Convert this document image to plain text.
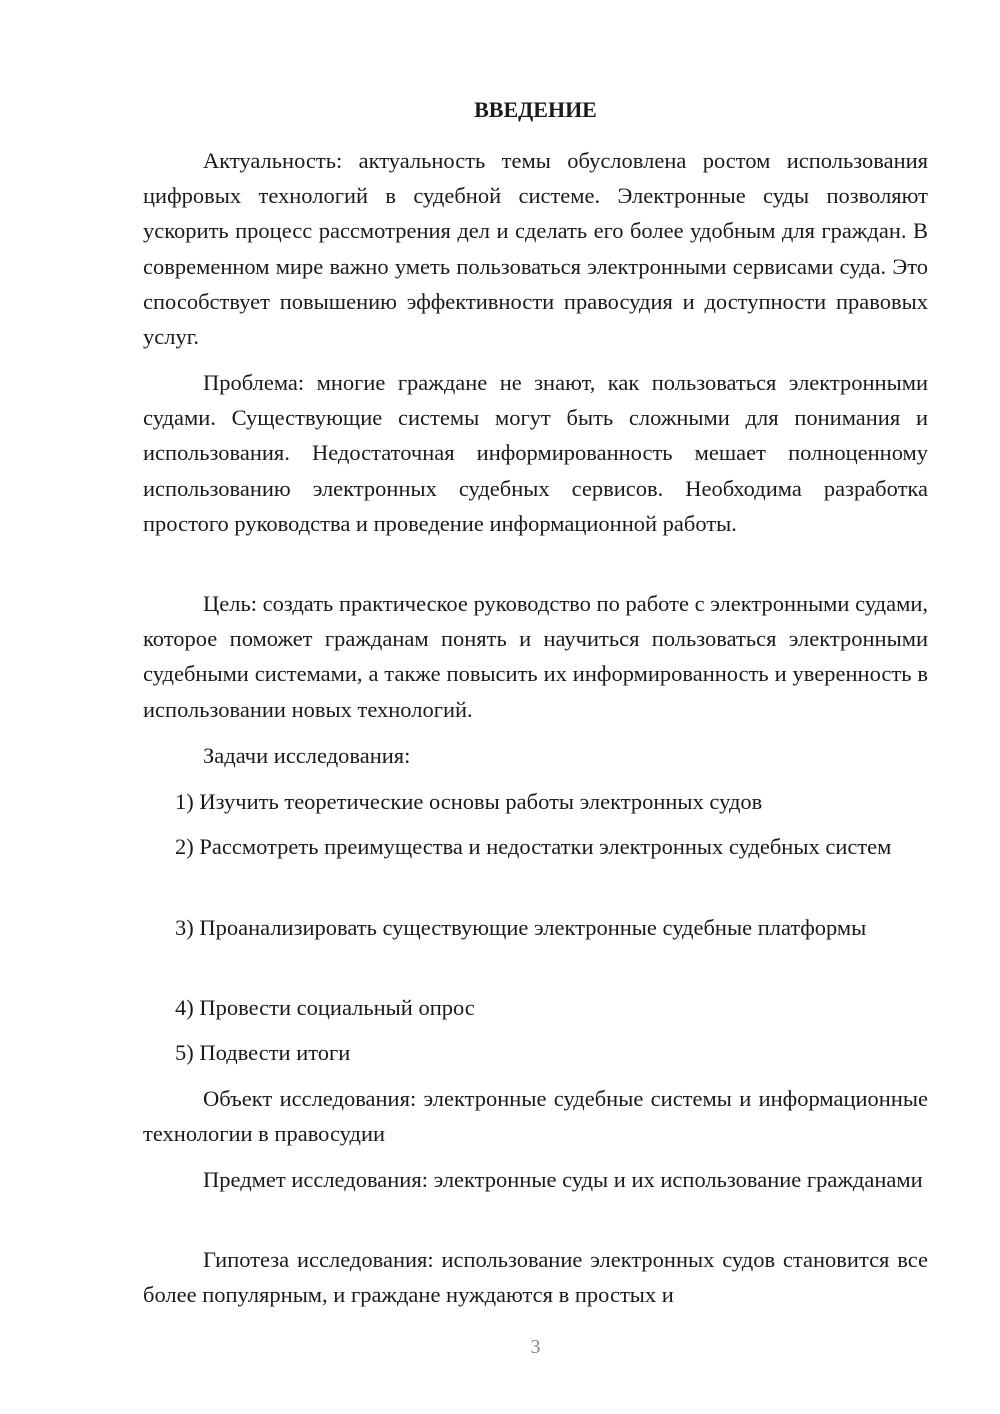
ВВЕДЕНИЕ

Актуальность: актуальность темы обусловлена ростом использования цифровых технологий в судебной системе. Электронные суды позволяют ускорить процесс рассмотрения дел и сделать его более удобным для граждан. В современном мире важно уметь пользоваться электронными сервисами суда. Это способствует повышению эффективности правосудия и доступности правовых услуг.

Проблема: многие граждане не знают, как пользоваться электронными судами. Существующие системы могут быть сложными для понимания и использования. Недостаточная информированность мешает полноценному использованию электронных судебных сервисов. Необходима разработка простого руководства и проведение информационной работы.

Цель: создать практическое руководство по работе с электронными судами, которое поможет гражданам понять и научиться пользоваться электронными судебными системами, а также повысить их информированность и уверенность в использовании новых технологий.

Задачи исследования:

1) Изучить теоретические основы работы электронных судов

2) Рассмотреть преимущества и недостатки электронных судебных систем

3) Проанализировать существующие электронные судебные платформы

4) Провести социальный опрос

5) Подвести итоги

Объект исследования: электронные судебные системы и информационные технологии в правосудии

Предмет исследования: электронные суды и их использование гражданами

Гипотеза исследования: использование электронных судов становится все более популярным, и граждане нуждаются в простых и

3
